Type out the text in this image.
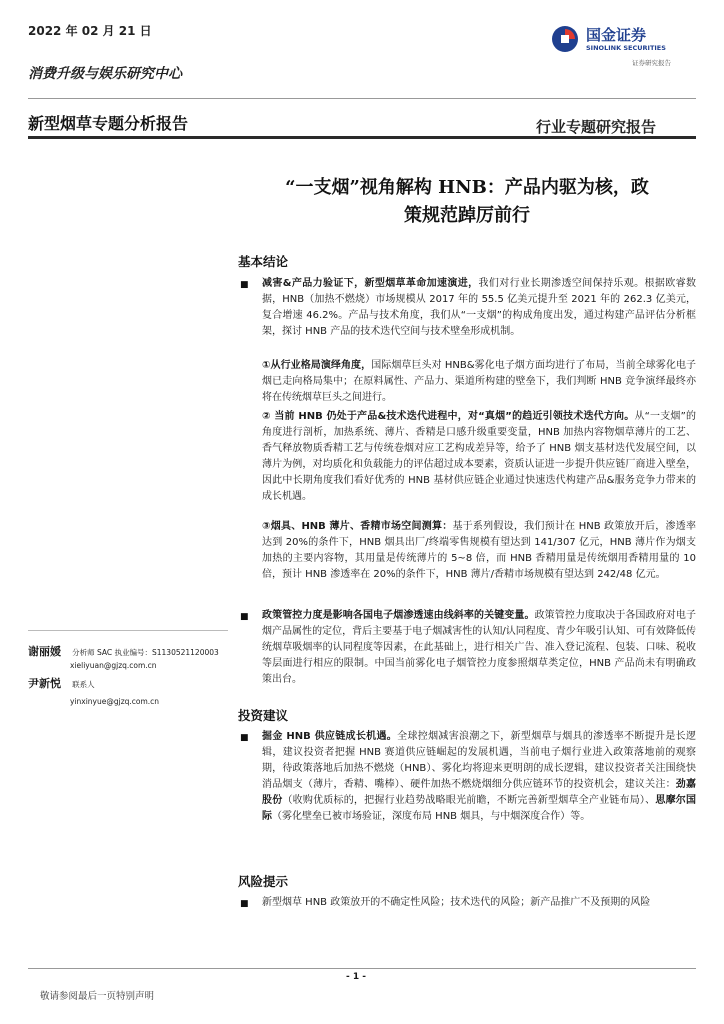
2022 年 02 月 21 日	国金证券
SINOLINK SECURITIES
证券研究报告
消费升级与娱乐研究中心
新型烟草专题分析报告	行业专题研究报告
“一支烟”视角解构 HNB：产品内驱为核，政
策规范踔厉前行
基本结论
■ 减害&产品力验证下，新型烟草革命加速演进，我们对行业长期渗透空间保持乐观。根据欧睿数据，HNB（加热不燃烧）市场规模从 2017 年的 55.5 亿美元提升至 2021 年的 262.3 亿美元，复合增速 46.2%。产品与技术角度，我们从“一支烟”的构成角度出发，通过构建产品评估分析框架，探讨 HNB 产品的技术迭代空间与技术壁垒形成机制。
①从行业格局演绎角度，国际烟草巨头对 HNB&雾化电子烟方面均进行了布局，当前全球雾化电子烟已走向格局集中；在原料属性、产品力、渠道所构建的壁垒下，我们判断 HNB 竞争演绎最终亦将在传统烟草巨头之间进行。
② 当前 HNB 仍处于产品&技术迭代进程中，对“真烟”的趋近引领技术迭代方向。从“一支烟”的角度进行剖析，加热系统、薄片、香精是口感升级重要变量，HNB 加热内容物烟草薄片的工艺、香气释放物质香精工艺与传统卷烟对应工艺构成差异等，给予了 HNB 烟支基材迭代发展空间，以薄片为例，对均质化和负载能力的评估超过成本要素，资质认证进一步提升供应链厂商进入壁垒，因此中长期角度我们看好优秀的 HNB 基材供应链企业通过快速迭代构建产品&服务竞争力带来的成长机遇。
③烟具、HNB 薄片、香精市场空间测算：基于系列假设，我们预计在 HNB 政策放开后，渗透率达到 20%的条件下，HNB 烟具出厂/终端零售规模有望达到 141/307 亿元，HNB 薄片作为烟支加热的主要内容物，其用量是传统薄片的 5~8 倍，而 HNB 香精用量是传统烟用香精用量的 10 倍，预计 HNB 渗透率在 20%的条件下，HNB 薄片/香精市场规模有望达到 242/48 亿元。
■ 政策管控力度是影响各国电子烟渗透速由线斜率的关键变量。政策管控力度取决于各国政府对电子烟产品属性的定位，背后主要基于电子烟减害性的认知/认同程度、青少年吸引认知、可有效降低传统烟草吸烟率的认同程度等因素，在此基础上，进行相关广告、准入登记流程、包装、口味、税收等层面进行相应的限制。中国当前雾化电子烟管控力度参照烟草类定位，HNB 产品尚未有明确政策出台。
谢丽媛 分析师 SAC 执业编号：S1130521120003
xieliyuan@gjzq.com.cn
尹新悦 联系人
yinxinyue@gjzq.com.cn
投资建议
■ 掘金 HNB 供应链成长机遇。全球控烟减害浪潮之下，新型烟草与烟具的渗透率不断提升是长逻辑，建议投资者把握 HNB 赛道供应链崛起的发展机遇，当前电子烟行业进入政策落地前的观察期，待政策落地后加热不燃烧（HNB）、雾化均将迎来更明朗的成长逻辑，建议投资者关注围绕快消品烟支（薄片，香精、嘴棒）、硬件加热不燃烧烟细分供应链环节的投资机会，建议关注：劲嘉股份（收购优质标的，把握行业趋势战略眼光前瞻，不断完善新型烟草全产业链布局）、思摩尔国际（雾化壁垒已被市场验证，深度布局 HNB 烟具，与中烟深度合作）等。
风险提示
■ 新型烟草 HNB 政策放开的不确定性风险；技术迭代的风险；新产品推广不及预期的风险
- 1 -
敬请参阅最后一页特别声明
